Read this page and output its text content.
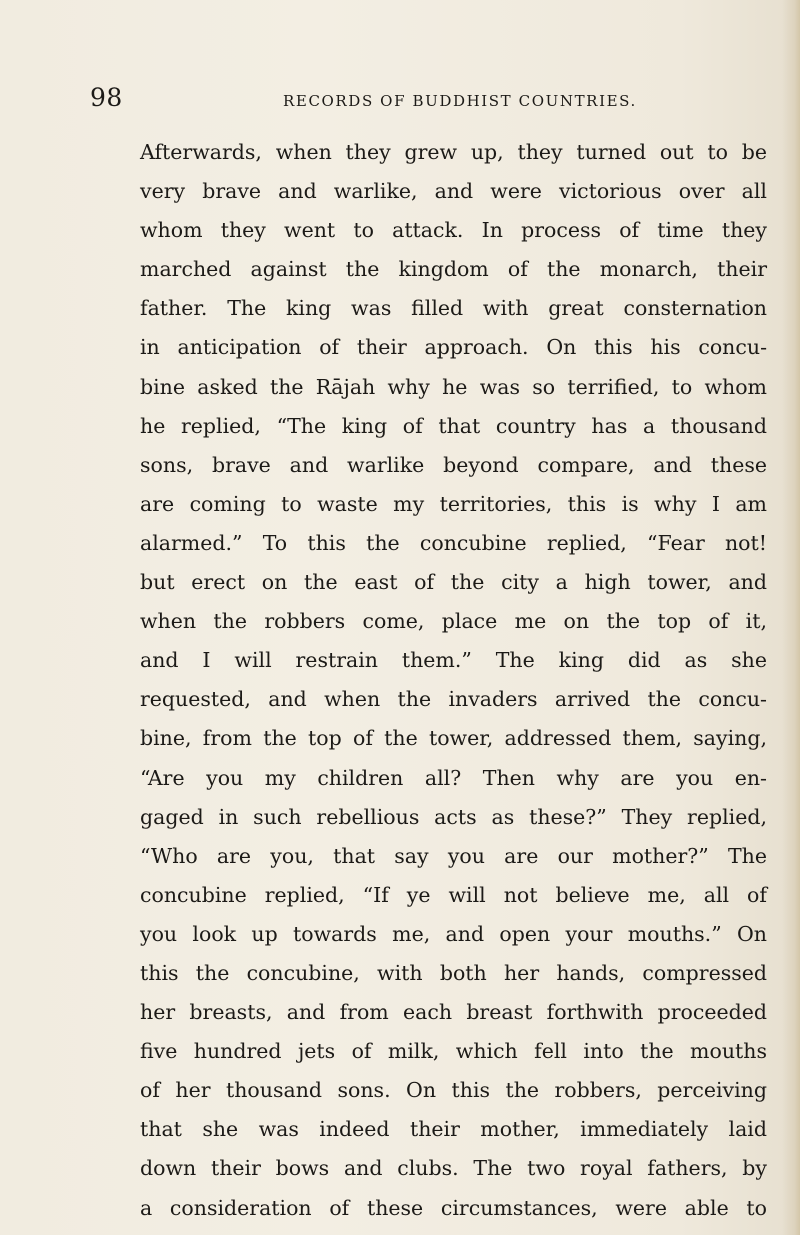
98	RECORDS OF BUDDHIST COUNTRIES.
Afterwards, when they grew up, they turned out to be
very brave and warlike, and were victorious over all
whom they went to attack. In process of time they
marched against the kingdom of the monarch, their
father. The king was filled with great consternation
in anticipation of their approach. On this his concu-
bine asked the Rājah why he was so terrified, to whom
he replied, “The king of that country has a thousand
sons, brave and warlike beyond compare, and these
are coming to waste my territories, this is why I am
alarmed.” To this the concubine replied, “Fear not!
but erect on the east of the city a high tower, and
when the robbers come, place me on the top of it,
and I will restrain them.” The king did as she
requested, and when the invaders arrived the concu-
bine, from the top of the tower, addressed them, saying,
“Are you my children all? Then why are you en-
gaged in such rebellious acts as these?” They replied,
“Who are you, that say you are our mother?” The
concubine replied, “If ye will not believe me, all of
you look up towards me, and open your mouths.” On
this the concubine, with both her hands, compressed
her breasts, and from each breast forthwith proceeded
five hundred jets of milk, which fell into the mouths
of her thousand sons. On this the robbers, perceiving
that she was indeed their mother, immediately laid
down their bows and clubs. The two royal fathers, by
a consideration of these circumstances, were able to
